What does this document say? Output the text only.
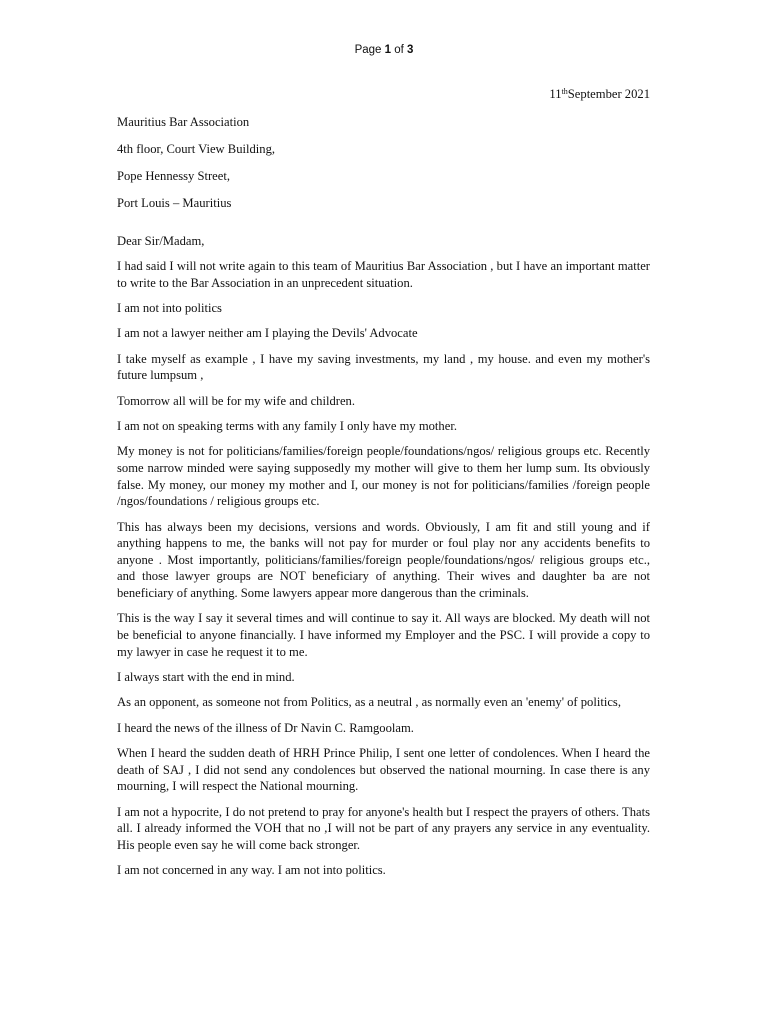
Page 1 of 3
11thSeptember 2021

Mauritius Bar Association

4th floor, Court View Building,

Pope Hennessy Street,

Port Louis – Mauritius

Dear Sir/Madam,

I had said I will not write again to this team of Mauritius Bar Association , but I have an important matter to write to the Bar Association in an unprecedent situation.

I am not into politics

I am not a lawyer neither am I playing the Devils' Advocate

I take myself as example , I have my saving investments, my land , my house. and even my mother's future lumpsum ,

Tomorrow all will be for my wife and children.

I am not on speaking terms with any family I only have my mother.

My money is not for politicians/families/foreign people/foundations/ngos/ religious groups etc. Recently some narrow minded were saying supposedly my mother will give to them her lump sum. Its obviously false. My money, our money my mother and I, our money is not for politicians/families /foreign people /ngos/foundations / religious groups etc.

This has always been my decisions, versions and words. Obviously, I am fit and still young and if anything happens to me, the banks will not pay for murder or foul play nor any accidents benefits to anyone . Most importantly, politicians/families/foreign people/foundations/ngos/ religious groups etc., and those lawyer groups are NOT beneficiary of anything. Their wives and daughter ba are not beneficiary of anything. Some lawyers appear more dangerous than the criminals.

This is the way I say it several times and will continue to say it. All ways are blocked. My death will not be beneficial to anyone financially. I have informed my Employer and the PSC. I will provide a copy to my lawyer in case he request it to me.

I always start with the end in mind.

As an opponent, as someone not from Politics, as a neutral , as normally even an 'enemy' of politics,

I heard the news of the illness of Dr Navin C. Ramgoolam.

When I heard the sudden death of HRH Prince Philip, I sent one letter of condolences. When I heard the death of SAJ , I did not send any condolences but observed the national mourning. In case there is any mourning, I will respect the National mourning.

I am not a hypocrite, I do not pretend to pray for anyone's health but I respect the prayers of others. Thats all. I already informed the VOH that no ,I will not be part of any prayers any service in any eventuality. His people even say he will come back stronger.

I am not concerned in any way. I am not into politics.
